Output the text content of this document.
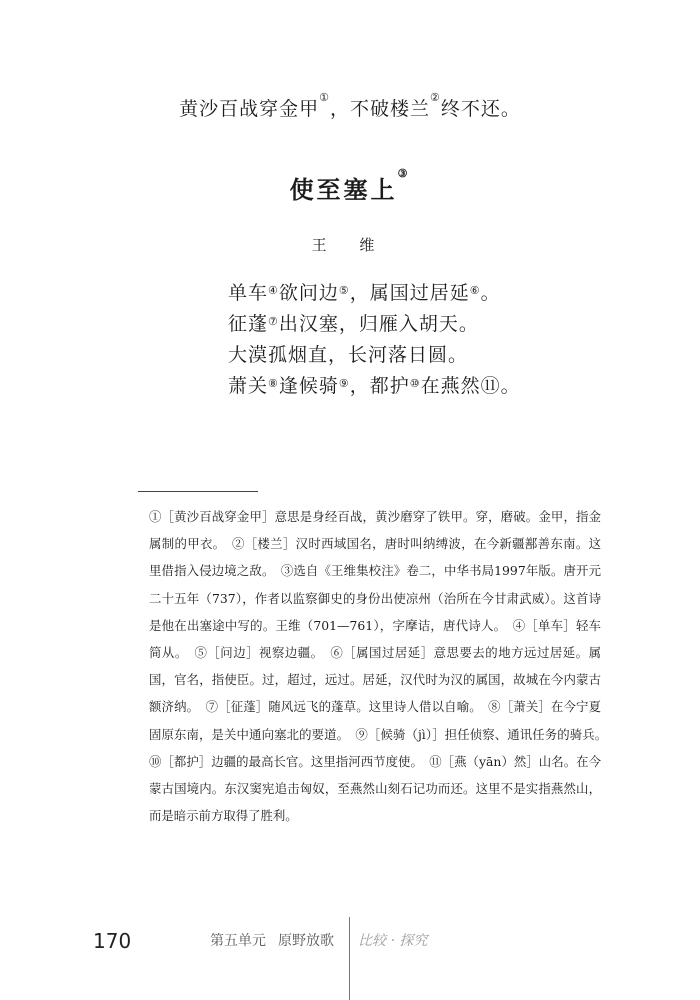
黄沙百战穿金甲①，不破楼兰②终不还。
使至塞上③
王 维
单车④欲问边⑤，属国过居延⑥。
征蓬⑦出汉塞，归雁入胡天。
大漠孤烟直，长河落日圆。
萧关⑧逢候骑⑨，都护⑩在燕然⑪。
①［黄沙百战穿金甲］意思是身经百战，黄沙磨穿了铁甲。穿，磨破。金甲，指金属制的甲衣。　②［楼兰］汉时西域国名，唐时叫纳缚波，在今新疆鄯善东南。这里借指入侵边境之敌。　③选自《王维集校注》卷二，中华书局1997年版。唐开元二十五年（737），作者以监察御史的身份出使凉州（治所在今甘肃武威）。这首诗是他在出塞途中写的。王维（701—761），字摩诘，唐代诗人。　④［单车］轻车简从。　⑤［问边］视察边疆。　⑥［属国过居延］意思要去的地方远过居延。属国，官名，指使臣。过，超过，远过。居延，汉代时为汉的属国，故城在今内蒙古额济纳。　⑦［征蓬］随风远飞的蓬草。这里诗人借以自喻。　⑧［萧关］在今宁夏固原东南，是关中通向塞北的要道。　⑨［候骑（jì）］担任侦察、通讯任务的骑兵。　⑩［都护］边疆的最高长官。这里指河西节度使。　⑪［燕（yān）然］山名。在今蒙古国境内。东汉窦宪追击匈奴，至燕然山刻石记功而还。这里不是实指燕然山，而是暗示前方取得了胜利。
170	第五单元 原野放歌	比较 · 探究
